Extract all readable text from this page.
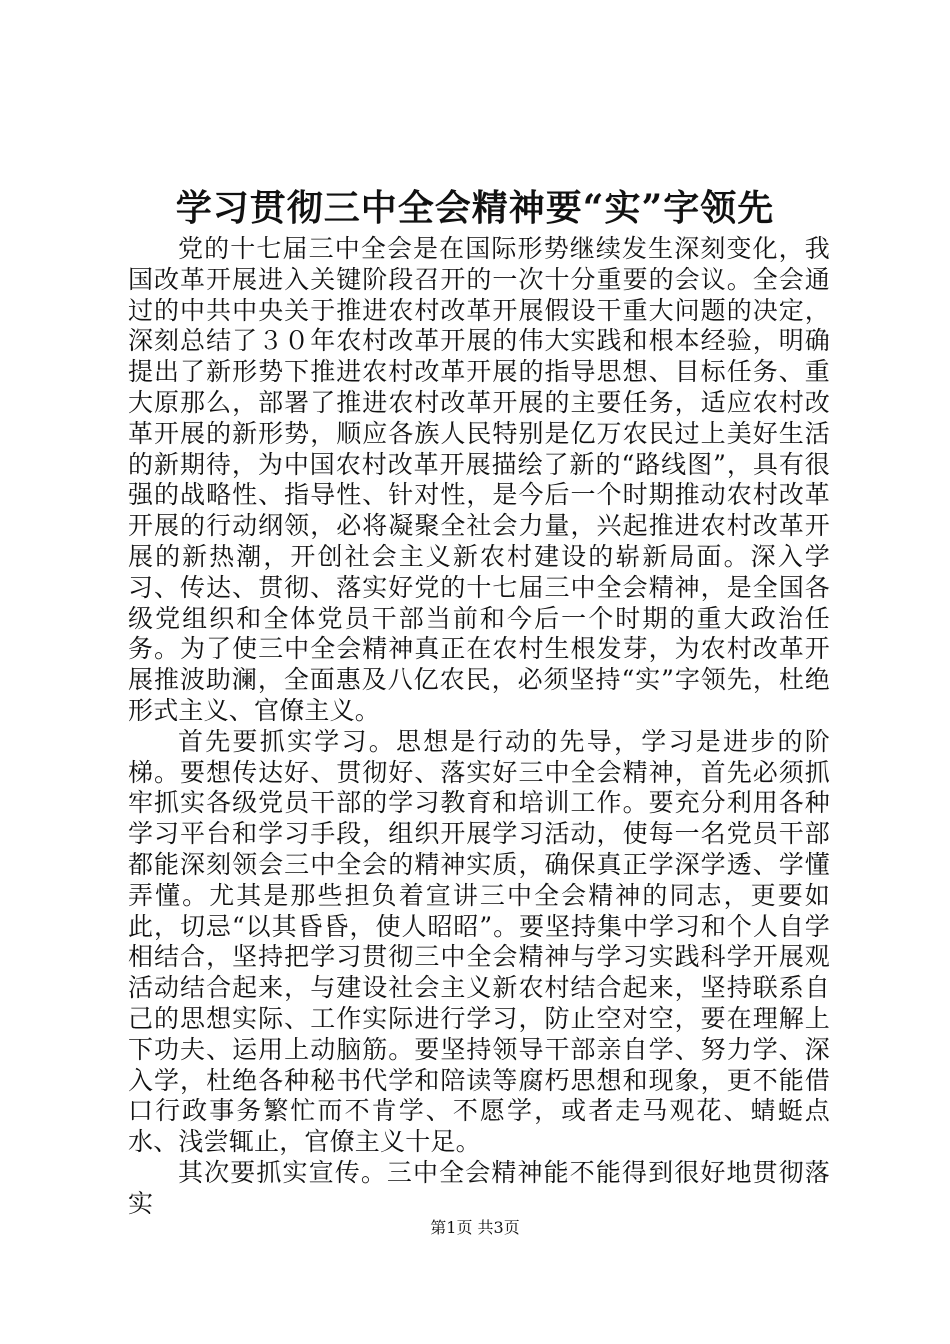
学习贯彻三中全会精神要“实”字领先

党的十七届三中全会是在国际形势继续发生深刻变化，我国改革开展进入关键阶段召开的一次十分重要的会议。全会通过的中共中央关于推进农村改革开展假设干重大问题的决定，深刻总结了３０年农村改革开展的伟大实践和根本经验，明确提出了新形势下推进农村改革开展的指导思想、目标任务、重大原那么，部署了推进农村改革开展的主要任务，适应农村改革开展的新形势，顺应各族人民特别是亿万农民过上美好生活的新期待，为中国农村改革开展描绘了新的“路线图”，具有很强的战略性、指导性、针对性，是今后一个时期推动农村改革开展的行动纲领，必将凝聚全社会力量，兴起推进农村改革开展的新热潮，开创社会主义新农村建设的崭新局面。深入学习、传达、贯彻、落实好党的十七届三中全会精神，是全国各级党组织和全体党员干部当前和今后一个时期的重大政治任务。为了使三中全会精神真正在农村生根发芽，为农村改革开展推波助澜，全面惠及八亿农民，必须坚持“实”字领先，杜绝形式主义、官僚主义。

首先要抓实学习。思想是行动的先导，学习是进步的阶梯。要想传达好、贯彻好、落实好三中全会精神，首先必须抓牢抓实各级党员干部的学习教育和培训工作。要充分利用各种学习平台和学习手段，组织开展学习活动，使每一名党员干部都能深刻领会三中全会的精神实质，确保真正学深学透、学懂弄懂。尤其是那些担负着宣讲三中全会精神的同志，更要如此，切忌“以其昏昏，使人昭昭”。要坚持集中学习和个人自学相结合，坚持把学习贯彻三中全会精神与学习实践科学开展观活动结合起来，与建设社会主义新农村结合起来，坚持联系自己的思想实际、工作实际进行学习，防止空对空，要在理解上下功夫、运用上动脑筋。要坚持领导干部亲自学、努力学、深入学，杜绝各种秘书代学和陪读等腐朽思想和现象，更不能借口行政事务繁忙而不肯学、不愿学，或者走马观花、蜻蜓点水、浅尝辄止，官僚主义十足。

其次要抓实宣传。三中全会精神能不能得到很好地贯彻落实

第1页 共3页
